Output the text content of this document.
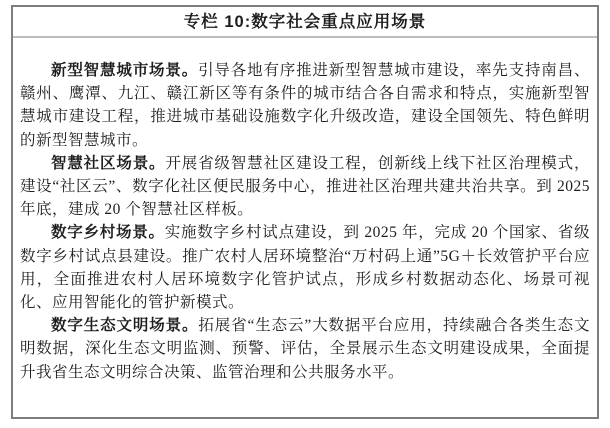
专栏 10:数字社会重点应用场景

新型智慧城市场景。引导各地有序推进新型智慧城市建设，率先支持南昌、赣州、鹰潭、九江、赣江新区等有条件的城市结合各自需求和特点，实施新型智慧城市建设工程，推进城市基础设施数字化升级改造，建设全国领先、特色鲜明的新型智慧城市。

智慧社区场景。开展省级智慧社区建设工程，创新线上线下社区治理模式，建设“社区云”、数字化社区便民服务中心，推进社区治理共建共治共享。到 2025 年底，建成 20 个智慧社区样板。

数字乡村场景。实施数字乡村试点建设，到 2025 年，完成 20 个国家、省级数字乡村试点县建设。推广农村人居环境整治“万村码上通”5G＋长效管护平台应用，全面推进农村人居环境数字化管护试点，形成乡村数据动态化、场景可视化、应用智能化的管护新模式。

数字生态文明场景。拓展省“生态云”大数据平台应用，持续融合各类生态文明数据，深化生态文明监测、预警、评估，全景展示生态文明建设成果，全面提升我省生态文明综合决策、监管治理和公共服务水平。
